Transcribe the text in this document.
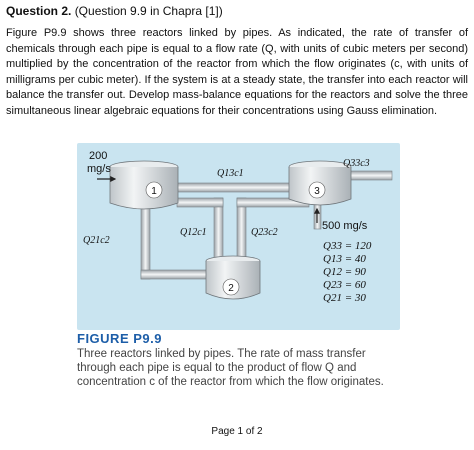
Question 2. (Question 9.9 in Chapra [1])
Figure P9.9 shows three reactors linked by pipes. As indicated, the rate of transfer of chemicals through each pipe is equal to a flow rate (Q, with units of cubic meters per second) multiplied by the concentration of the reactor from which the flow originates (c, with units of milligrams per cubic meter). If the system is at a steady state, the transfer into each reactor will balance the transfer out. Develop mass-balance equations for the reactors and solve the three simultaneous linear algebraic equations for their concentrations using Gauss elimination.
1	3
2
200
mg/s	Q13c1
Q33c3
Q12c1	Q23c2
Q21c2
500 mg/s
Q33 = 120
Q13 = 40
Q12 = 90
Q23 = 60
Q21 = 30
FIGURE P9.9
Three reactors linked by pipes. The rate of mass transfer through each pipe is equal to the product of flow Q and concentration c of the reactor from which the flow originates.
Page 1 of 2
